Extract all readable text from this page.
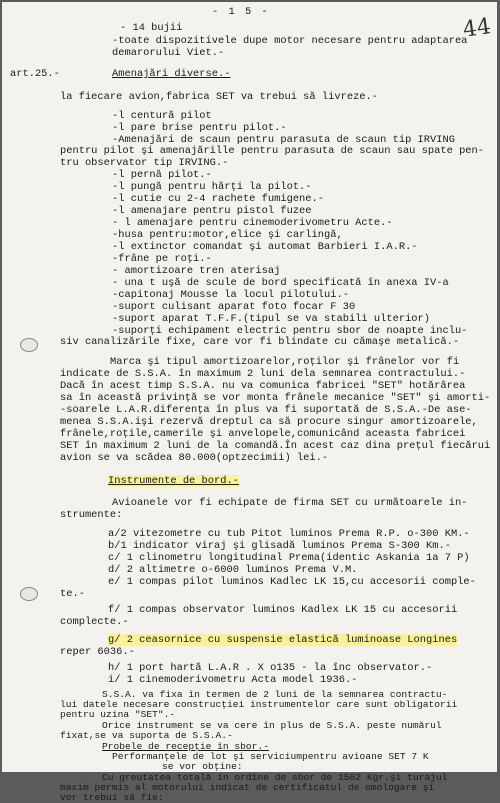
- 1 5 -
44
- 14 bujii
-toate dispozitivele dupe motor necesare pentru adaptarea
demarorului Viet.-
art.25.-	Amenajări diverse.-
la fiecare avion,fabrica SET va trebui să livreze.-
-l centură pilot
-l pare brise pentru pilot.-
-Amenajări de scaun pentru parasuta de scaun tip IRVING
pentru pilot şi amenajărille pentru parasuta de scaun sau spate pen-
tru observator tip IRVING.-
-l pernă pilot.-
-l pungă pentru hărţi la pilot.-
-l cutie cu 2-4 rachete fumigene.-
-l amenajare pentru pistol fuzee
- l amenajare pentru cinemoderivometru Acte.-
-husa pentru:motor,elice şi carlingă,
-l extinctor comandat şi automat Barbieri I.A.R.-
-frâne pe roţi.-
- amortizoare tren aterisaj
- una t uşă de scule de bord specificată în anexa IV-a
-capitonaj Mousse la locul pilotului.-
-suport culisant aparat foto focar F 30
-suport aparat T.F.F.(tipul se va stabili ulterior)
-suporţi echipament electric pentru sbor de noapte inclu-
siv canalizările fixe, care vor fi blindate cu cămaşe metalică.-
Marca şi tipul amortizoarelor,roţilor şi frânelor vor fi
indicate de S.S.A. în maximum 2 luni dela semnarea contractului.-
Dacă în acest timp S.S.A. nu va comunica fabricei "SET" hotărârea
sa în această privinţă se vor monta frânele mecanice "SET" şi amorti-
-soarele L.A.R.diferenţa în plus va fi suportată de S.S.A.-De ase-
menea S.S.A.işi rezervă dreptul ca să procure singur amortizoarele,
frânele,roţile,camerile şi anvelopele,comunicând aceasta fabricei
SET în maximum 2 luni de la comandă.În acest caz dina preţul fiecărui
avion se va scădea 80.000(optzecimii) lei.-
Instrumente de bord.-
Avioanele vor fi echipate de firma SET cu următoarele in-
strumente:
a/2 vitezometre cu tub Pitot luminos Prema R.P. o-300 KM.-
b/1 indicator viraj şi glisadă luminos Prema S-300 Km.-
c/ 1 clinometru longitudinal Prema(identic Askania 1a 7 P)
d/ 2 altimetre o-6000 luminos Prema V.M.
e/ 1 compas pilot luminos Kadlec LK 15,cu accesorii comple-
te.-
f/ 1 compas observator luminos Kadlex LK 15 cu accesorii
complecte.-
g/ 2 ceasornice cu suspensie elastică luminoase Longines
reper 6036.-
h/ 1 port hartă L.A.R . X o135 - la înc observator.-
i/ 1 cinemoderivometru Acta model 1936.-
S.S.A. va fixa în termen de 2 luni de la semnarea contractu-
lui datele necesare construcţiei instrumentelor care sunt obligatorii
pentru uzina "SET".-
Orice instrument se va cere în plus de S.S.A. peste numărul
fixat,se va suporta de S.S.A.-
Probele de recepţie în sbor.-
Performanţele de lot şi serviciumpentru avioane SET 7 K
se vor obţine:
Cu greutatea totală în ordine de sbor de 1562 Kgr.şi turajul
maxim permis al motorului indicat de certificatul de omologare şi
vor trebui să fie:
